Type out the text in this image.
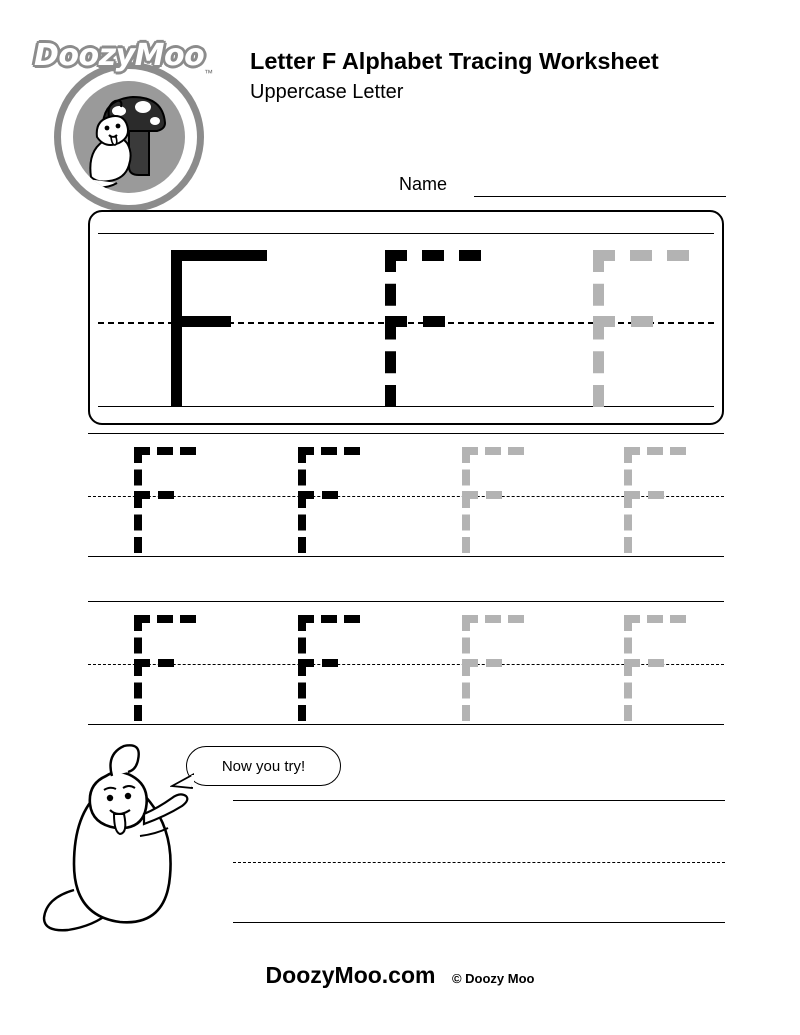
DoozyMoo ™ Letter F Alphabet Tracing Worksheet
Uppercase Letter
Name
Now you try!
DoozyMoo.com © Doozy Moo
